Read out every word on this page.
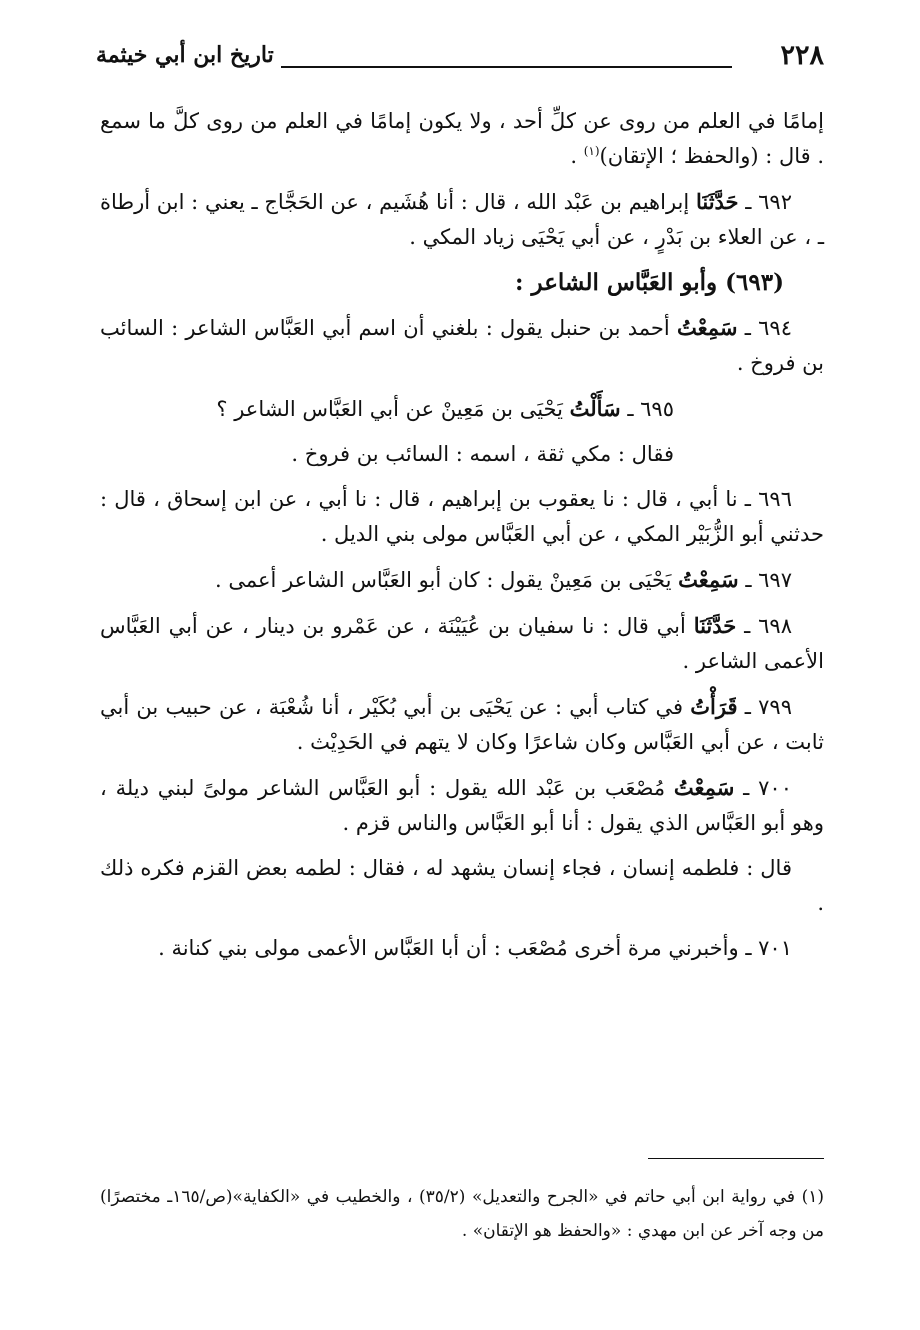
٢٢٨
تاريخ ابن أبي خيثمة

إمامًا في العلم من روى عن كلِّ أحد ، ولا يكون إمامًا في العلم من روى كلَّ ما سمع . قال : (والحفظ ؛ الإتقان)$^{(١)}$ .

٦٩٢ ـ حَدَّثَنَا إبراهيم بن عَبْد الله ، قال : أنا هُشَيم ، عن الحَجَّاج ـ يعني : ابن أرطاة ـ ، عن العلاء بن بَدْرٍ ، عن أبي يَحْيَى زياد المكي .

(٦٩٣) وأبو العَبَّاس الشاعر :

٦٩٤ ـ سَمِعْتُ أحمد بن حنبل يقول : بلغني أن اسم أبي العَبَّاس الشاعر : السائب بن فروخ .

٦٩٥ ـ سَأَلْتُ يَحْيَى بن مَعِينْ عن أبي العَبَّاس الشاعر ؟

فقال : مكي ثقة ، اسمه : السائب بن فروخ .

٦٩٦ ـ نا أبي ، قال : نا يعقوب بن إبراهيم ، قال : نا أبي ، عن ابن إسحاق ، قال : حدثني أبو الزُّبَيْر المكي ، عن أبي العَبَّاس مولى بني الديل .

٦٩٧ ـ سَمِعْتُ يَحْيَى بن مَعِينْ يقول : كان أبو العَبَّاس الشاعر أعمى .

٦٩٨ ـ حَدَّثَنَا أبي قال : نا سفيان بن عُيَيْنَة ، عن عَمْرو بن دينار ، عن أبي العَبَّاس الأعمى الشاعر .

٧٩٩ ـ قَرَأْتُ في كتاب أبي : عن يَحْيَى بن أبي بُكَيْر ، أنا شُعْبَة ، عن حبيب بن أبي ثابت ، عن أبي العَبَّاس وكان شاعرًا وكان لا يتهم في الحَدِيْث .

٧٠٠ ـ سَمِعْتُ مُصْعَب بن عَبْد الله يقول : أبو العَبَّاس الشاعر مولىً لبني ديلة ، وهو أبو العَبَّاس الذي يقول : أنا أبو العَبَّاس والناس قزم .

قال : فلطمه إنسان ، فجاء إنسان يشهد له ، فقال : لطمه بعض القزم فكره ذلك .

٧٠١ ـ وأخبرني مرة أخرى مُصْعَب : أن أبا العَبَّاس الأعمى مولى بني كنانة .

(١) في رواية ابن أبي حاتم في «الجرح والتعديل» (٣٥/٢) ، والخطيب في «الكفاية»(ص/١٦٥ـ مختصرًا) من وجه آخر عن ابن مهدي : «والحفظ هو الإتقان» .
